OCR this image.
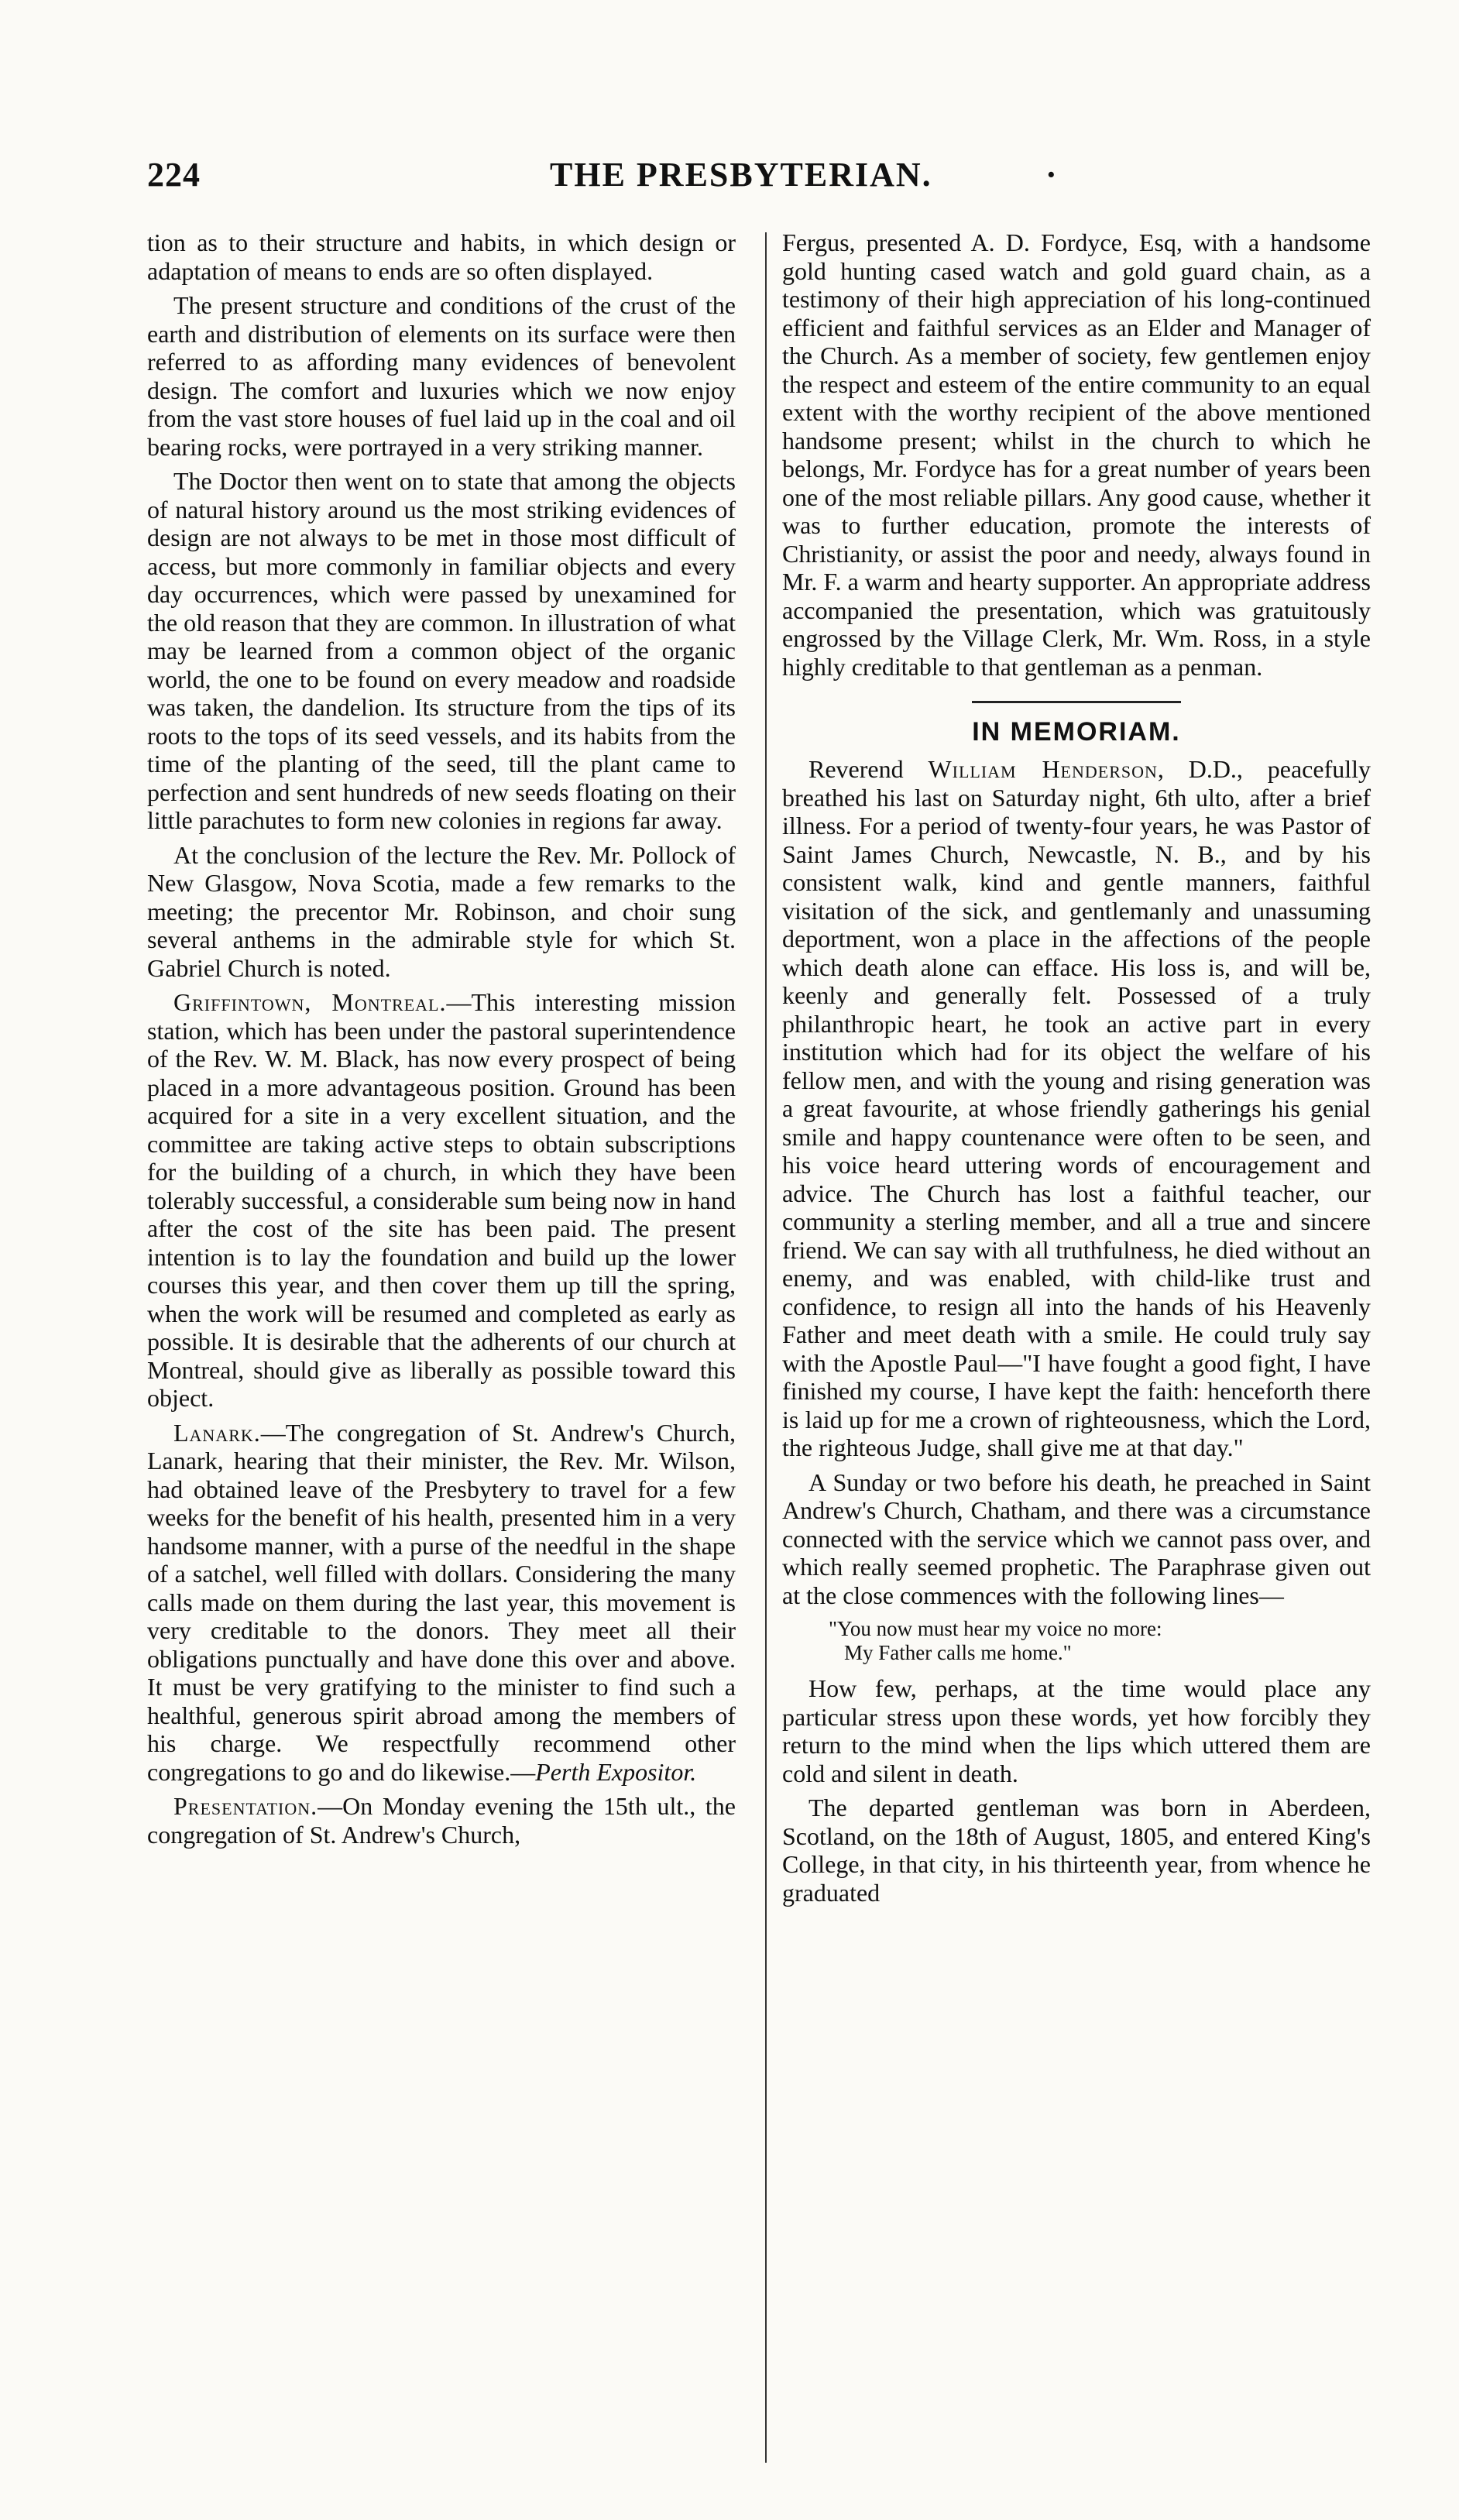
224	THE PRESBYTERIAN.	·

tion as to their structure and habits, in which design or adaptation of means to ends are so often displayed.

The present structure and conditions of the crust of the earth and distribution of elements on its surface were then referred to as affording many evidences of benevolent design. The comfort and luxuries which we now enjoy from the vast store houses of fuel laid up in the coal and oil bearing rocks, were portrayed in a very striking manner.

The Doctor then went on to state that among the objects of natural history around us the most striking evidences of design are not always to be met in those most difficult of access, but more commonly in familiar objects and every day occurrences, which were passed by unexamined for the old reason that they are common. In illustration of what may be learned from a common object of the organic world, the one to be found on every meadow and roadside was taken, the dandelion. Its structure from the tips of its roots to the tops of its seed vessels, and its habits from the time of the planting of the seed, till the plant came to perfection and sent hundreds of new seeds floating on their little parachutes to form new colonies in regions far away.

At the conclusion of the lecture the Rev. Mr. Pollock of New Glasgow, Nova Scotia, made a few remarks to the meeting; the precentor Mr. Robinson, and choir sung several anthems in the admirable style for which St. Gabriel Church is noted.

Griffintown, Montreal.—This interesting mission station, which has been under the pastoral superintendence of the Rev. W. M. Black, has now every prospect of being placed in a more advantageous position. Ground has been acquired for a site in a very excellent situation, and the committee are taking active steps to obtain subscriptions for the building of a church, in which they have been tolerably successful, a considerable sum being now in hand after the cost of the site has been paid. The present intention is to lay the foundation and build up the lower courses this year, and then cover them up till the spring, when the work will be resumed and completed as early as possible. It is desirable that the adherents of our church at Montreal, should give as liberally as possible toward this object.

Lanark.—The congregation of St. Andrew's Church, Lanark, hearing that their minister, the Rev. Mr. Wilson, had obtained leave of the Presbytery to travel for a few weeks for the benefit of his health, presented him in a very handsome manner, with a purse of the needful in the shape of a satchel, well filled with dollars. Considering the many calls made on them during the last year, this movement is very creditable to the donors. They meet all their obligations punctually and have done this over and above. It must be very gratifying to the minister to find such a healthful, generous spirit abroad among the members of his charge. We respectfully recommend other congregations to go and do likewise.—Perth Expositor.

Presentation.—On Monday evening the 15th ult., the congregation of St. Andrew's Church,

Fergus, presented A. D. Fordyce, Esq, with a handsome gold hunting cased watch and gold guard chain, as a testimony of their high appreciation of his long-continued efficient and faithful services as an Elder and Manager of the Church. As a member of society, few gentlemen enjoy the respect and esteem of the entire community to an equal extent with the worthy recipient of the above mentioned handsome present; whilst in the church to which he belongs, Mr. Fordyce has for a great number of years been one of the most reliable pillars. Any good cause, whether it was to further education, promote the interests of Christianity, or assist the poor and needy, always found in Mr. F. a warm and hearty supporter. An appropriate address accompanied the presentation, which was gratuitously engrossed by the Village Clerk, Mr. Wm. Ross, in a style highly creditable to that gentleman as a penman.

IN MEMORIAM.

Reverend William Henderson, D.D., peacefully breathed his last on Saturday night, 6th ulto, after a brief illness. For a period of twenty-four years, he was Pastor of Saint James Church, Newcastle, N. B., and by his consistent walk, kind and gentle manners, faithful visitation of the sick, and gentlemanly and unassuming deportment, won a place in the affections of the people which death alone can efface. His loss is, and will be, keenly and generally felt. Possessed of a truly philanthropic heart, he took an active part in every institution which had for its object the welfare of his fellow men, and with the young and rising generation was a great favourite, at whose friendly gatherings his genial smile and happy countenance were often to be seen, and his voice heard uttering words of encouragement and advice. The Church has lost a faithful teacher, our community a sterling member, and all a true and sincere friend. We can say with all truthfulness, he died without an enemy, and was enabled, with child-like trust and confidence, to resign all into the hands of his Heavenly Father and meet death with a smile. He could truly say with the Apostle Paul—"I have fought a good fight, I have finished my course, I have kept the faith: henceforth there is laid up for me a crown of righteousness, which the Lord, the righteous Judge, shall give me at that day."

A Sunday or two before his death, he preached in Saint Andrew's Church, Chatham, and there was a circumstance connected with the service which we cannot pass over, and which really seemed prophetic. The Paraphrase given out at the close commences with the following lines—

"You now must hear my voice no more:
My Father calls me home."

How few, perhaps, at the time would place any particular stress upon these words, yet how forcibly they return to the mind when the lips which uttered them are cold and silent in death.

The departed gentleman was born in Aberdeen, Scotland, on the 18th of August, 1805, and entered King's College, in that city, in his thirteenth year, from whence he graduated
